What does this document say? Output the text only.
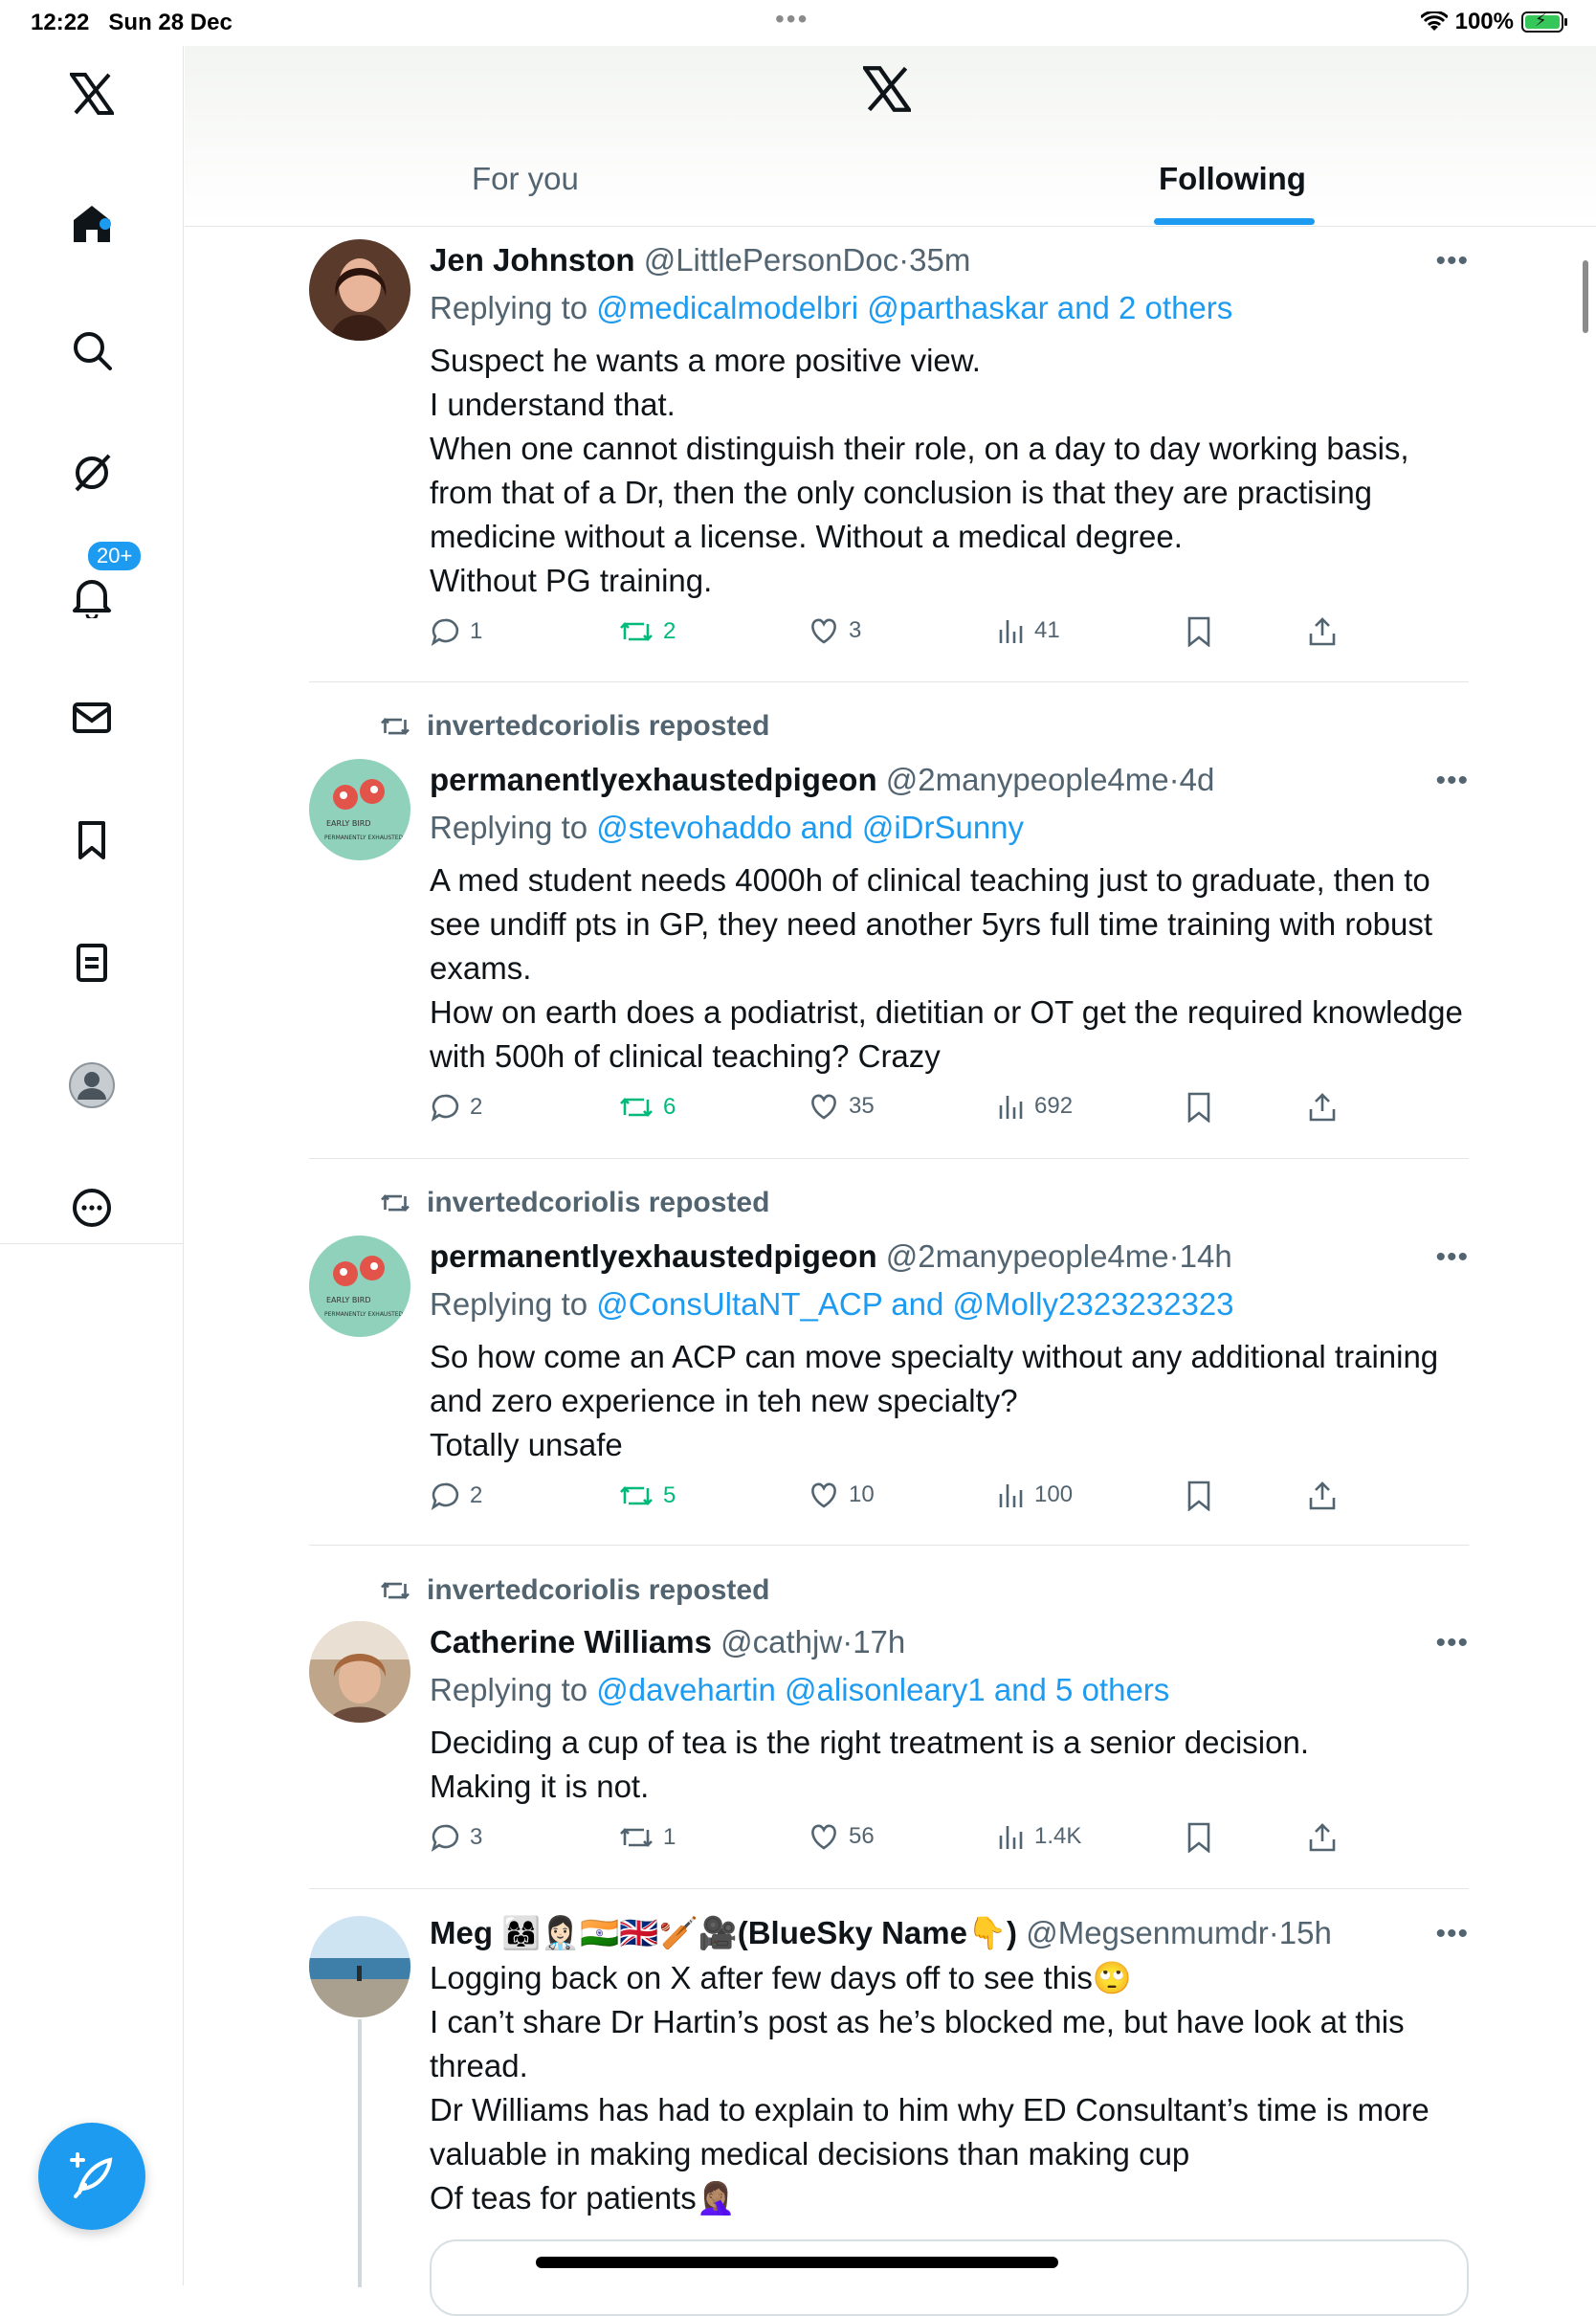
12:22 Sun 28 Dec	•••	100% ⚡
20+
For you	Following
Jen Johnston @LittlePersonDoc·35m
Replying to @medicalmodelbri @parthaskar and 2 others
Suspect he wants a more positive view.
I understand that.
When one cannot distinguish their role, on a day to day working basis, from that of a Dr, then the only conclusion is that they are practising medicine without a license. Without a medical degree.
Without PG training.
•••
1	2	3	41
invertedcoriolis reposted
EARLY BIRD
PERMANENTLY EXHAUSTED
permanentlyexhaustedpigeon @2manypeople4me·4d
Replying to @stevohaddo and @iDrSunny
A med student needs 4000h of clinical teaching just to graduate, then to see undiff pts in GP, they need another 5yrs full time training with robust exams.
How on earth does a podiatrist, dietitian or OT get the required knowledge with 500h of clinical teaching? Crazy
•••
2	6	35	692
invertedcoriolis reposted
EARLY BIRD
PERMANENTLY EXHAUSTED
permanentlyexhaustedpigeon @2manypeople4me·14h
Replying to @ConsUltaNT_ACP and @Molly2323232323
So how come an ACP can move specialty without any additional training and zero experience in teh new specialty?
Totally unsafe
•••
2	5	10	100
invertedcoriolis reposted
Catherine Williams @cathjw·17h
Replying to @davehartin @alisonleary1 and 5 others
Deciding a cup of tea is the right treatment is a senior decision.
Making it is not.
•••
3	1	56	1.4K
Meg 👩‍👩‍👧👩🏻‍⚕️🇮🇳🇬🇧🏏🎥(BlueSky Name👇) @Megsenmumdr·15h
Logging back on X after few days off to see this🙄
I can’t share Dr Hartin’s post as he’s blocked me, but have look at this thread.
Dr Williams has had to explain to him why ED Consultant’s time is more valuable in making medical decisions than making cup
Of teas for patients🤦🏽‍♀️
•••
